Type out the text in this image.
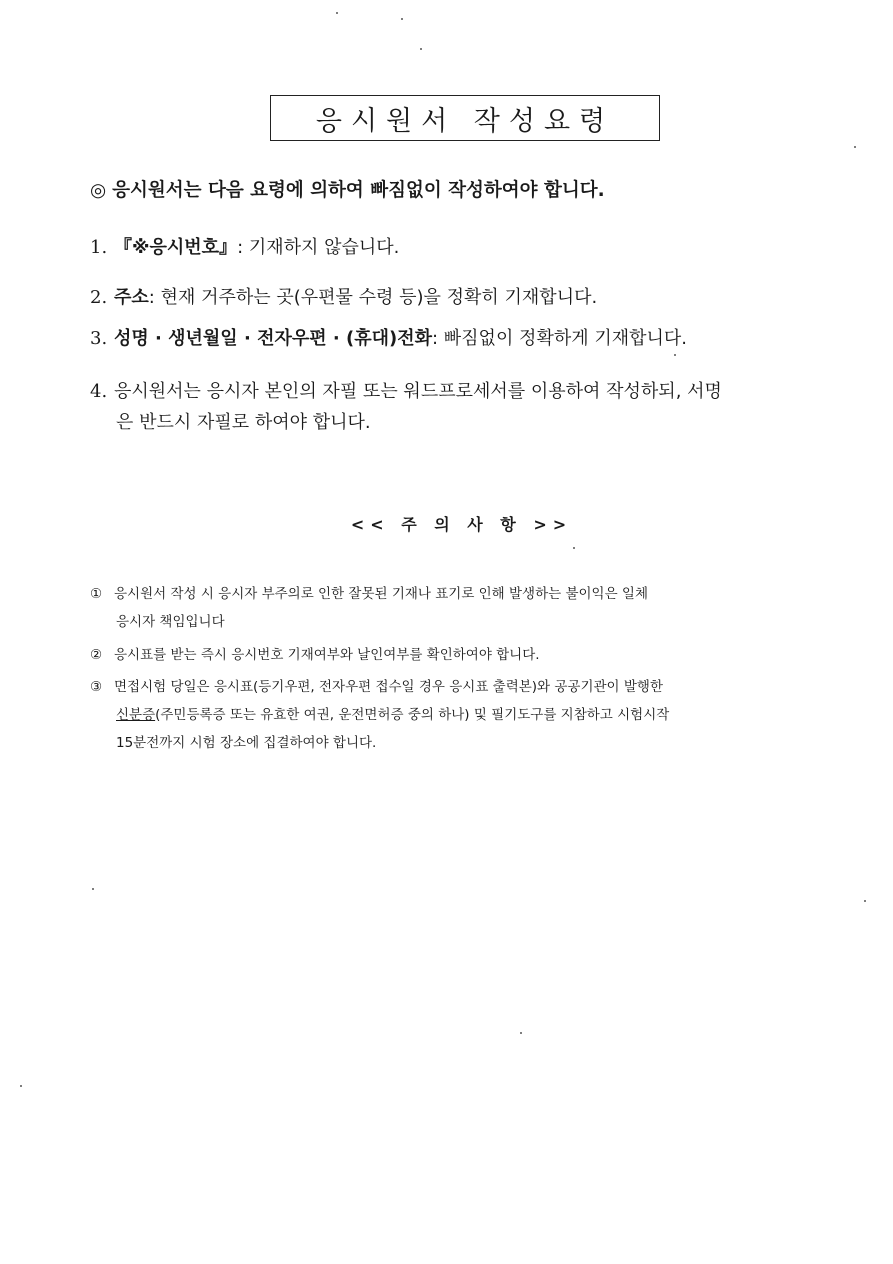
응시원서 작성요령
◎ 응시원서는 다음 요령에 의하여 빠짐없이 작성하여야 합니다.
1. 『※응시번호』: 기재하지 않습니다.
2. 주소: 현재 거주하는 곳(우편물 수령 등)을 정확히 기재합니다.
3. 성명 · 생년월일 · 전자우편 · (휴대)전화: 빠짐없이 정확하게 기재합니다.
4. 응시원서는 응시자 본인의 자필 또는 워드프로세서를 이용하여 작성하되, 서명
은 반드시 자필로 하여야 합니다.
<< 주 의 사 항 >>
① 응시원서 작성 시 응시자 부주의로 인한 잘못된 기재나 표기로 인해 발생하는 불이익은 일체
응시자 책임입니다
② 응시표를 받는 즉시 응시번호 기재여부와 날인여부를 확인하여야 합니다.
③ 면접시험 당일은 응시표(등기우편, 전자우편 접수일 경우 응시표 출력본)와 공공기관이 발행한
신분증(주민등록증 또는 유효한 여권, 운전면허증 중의 하나) 및 필기도구를 지참하고 시험시작
15분전까지 시험 장소에 집결하여야 합니다.
